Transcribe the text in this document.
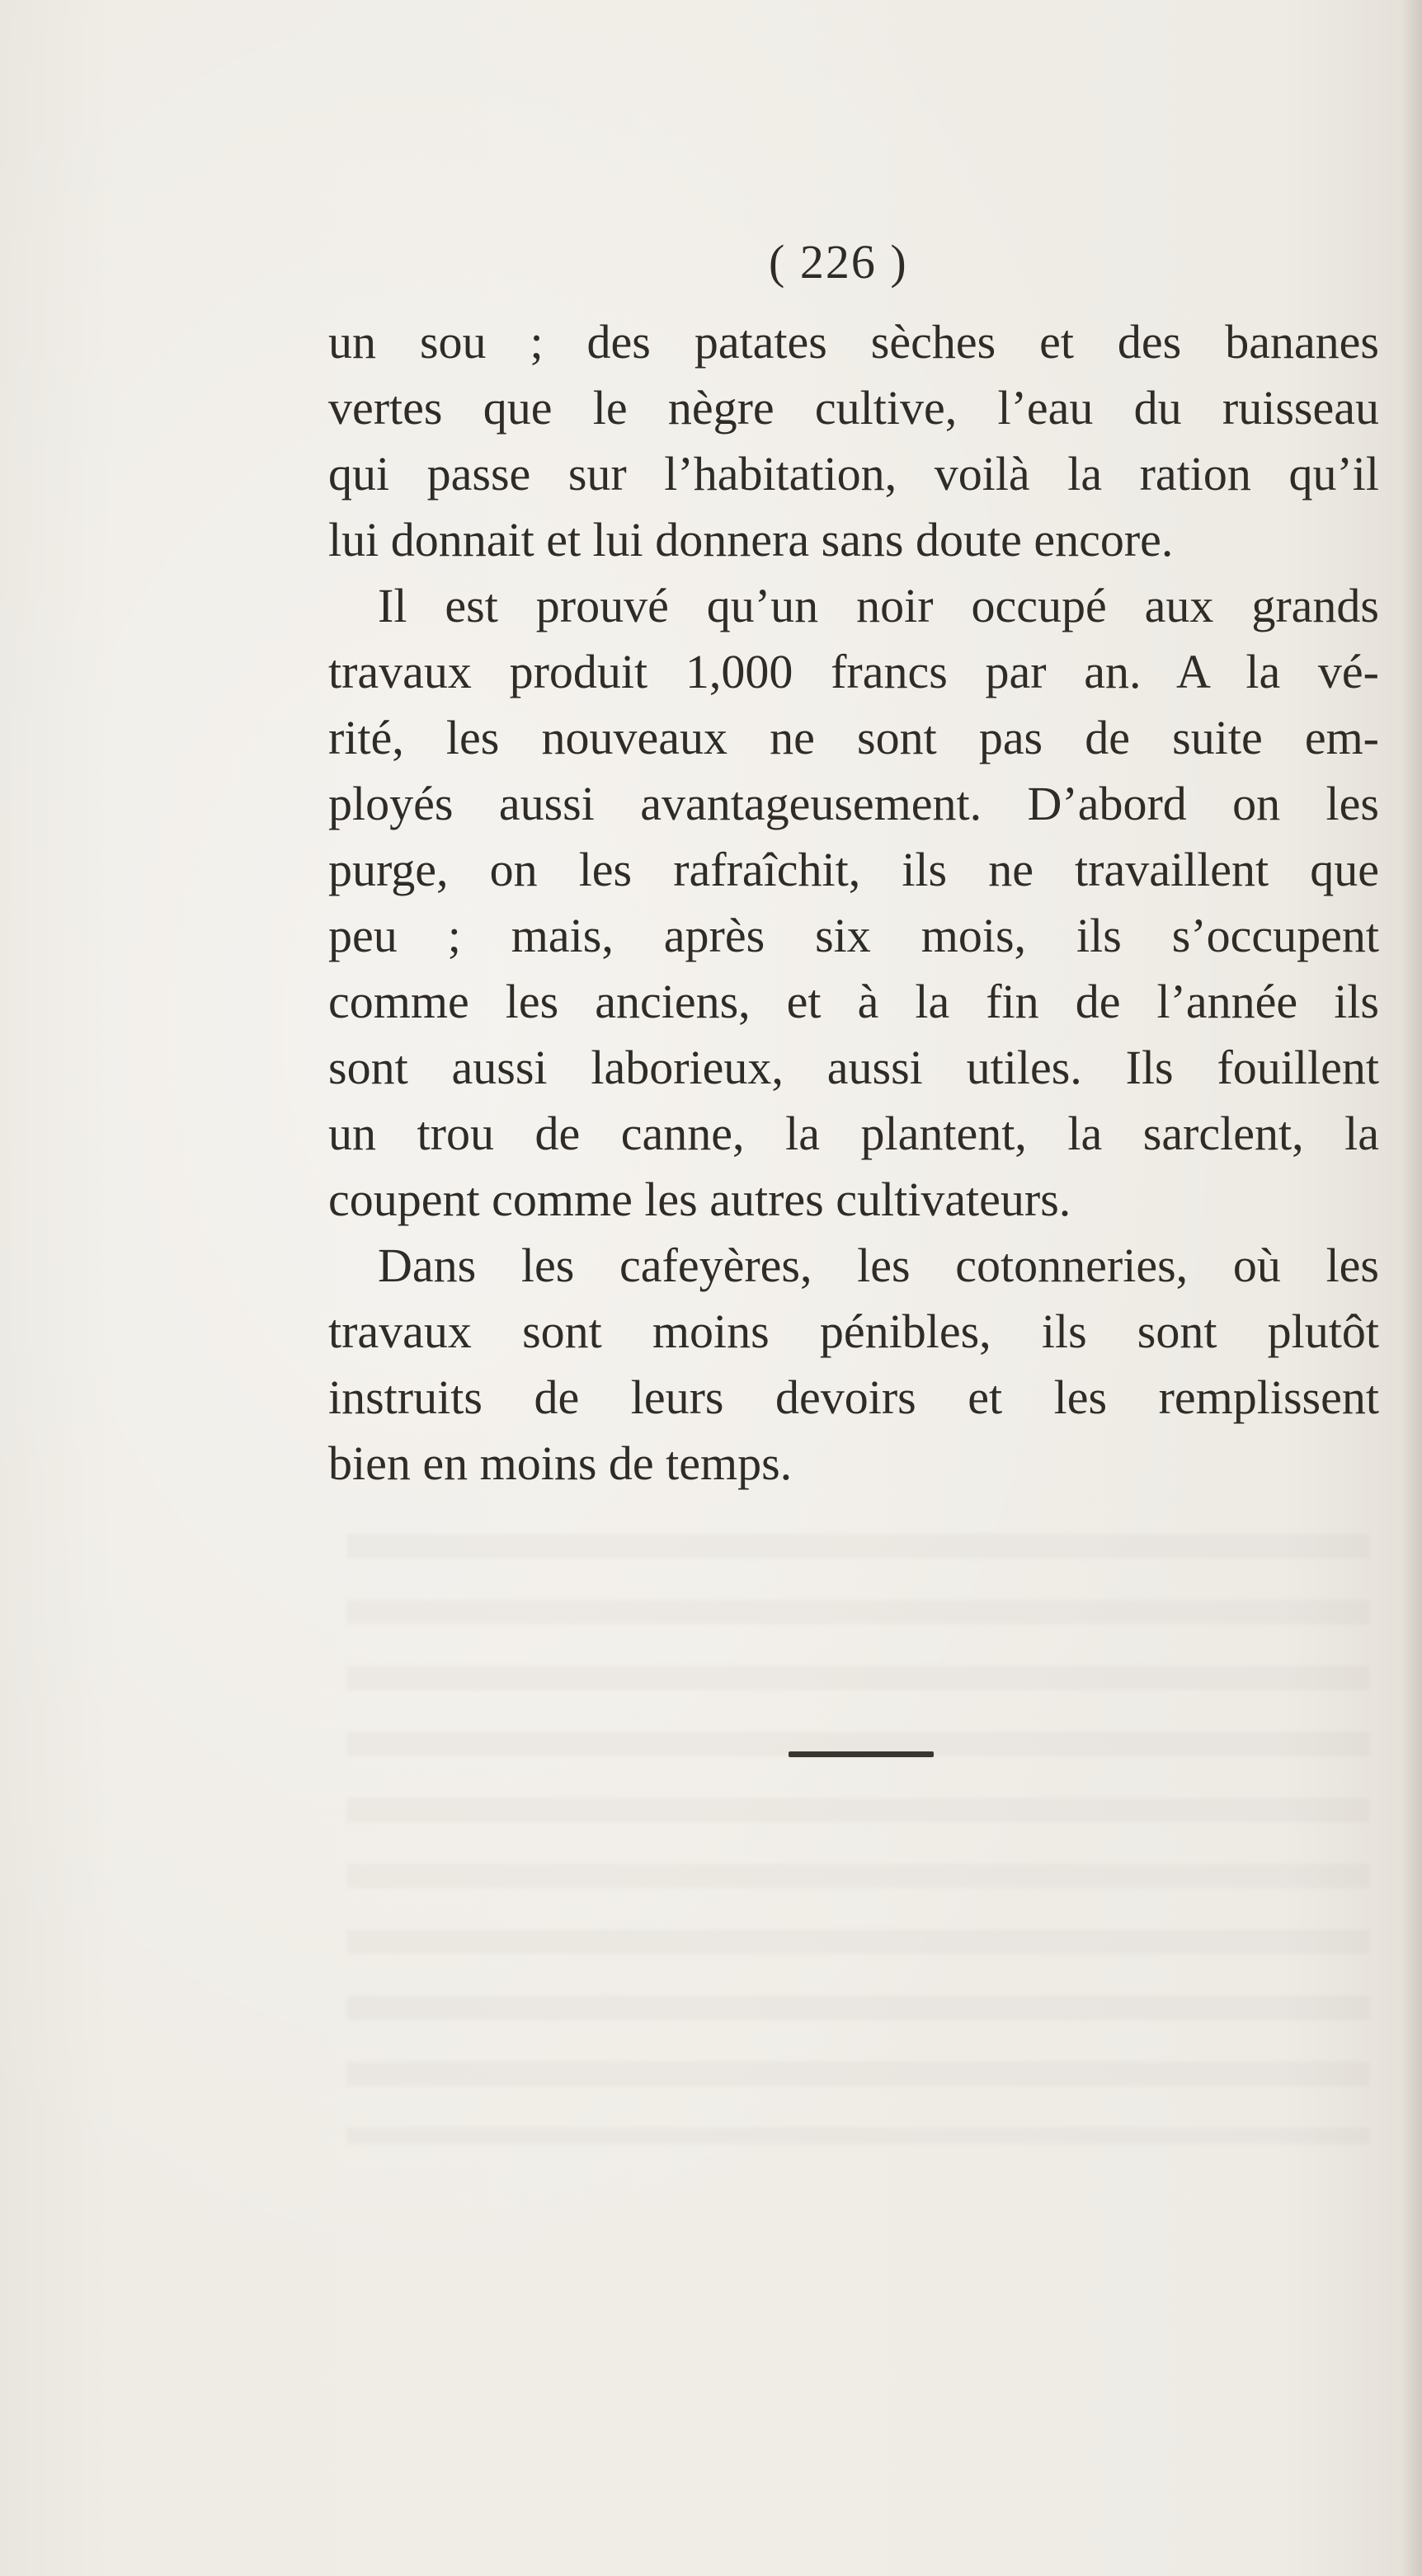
( 226 )
un sou ; des patates sèches et des bananes
vertes que le nègre cultive, l’eau du ruisseau
qui passe sur l’habitation, voilà la ration qu’il
lui donnait et lui donnera sans doute encore.
Il est prouvé qu’un noir occupé aux grands
travaux produit 1,000 francs par an. A la vé-
rité, les nouveaux ne sont pas de suite em-
ployés aussi avantageusement. D’abord on les
purge, on les rafraîchit, ils ne travaillent que
peu ; mais, après six mois, ils s’occupent
comme les anciens, et à la fin de l’année ils
sont aussi laborieux, aussi utiles. Ils fouillent
un trou de canne, la plantent, la sarclent, la
coupent comme les autres cultivateurs.
Dans les cafeyères, les cotonneries, où les
travaux sont moins pénibles, ils sont plutôt
instruits de leurs devoirs et les remplissent
bien en moins de temps.
